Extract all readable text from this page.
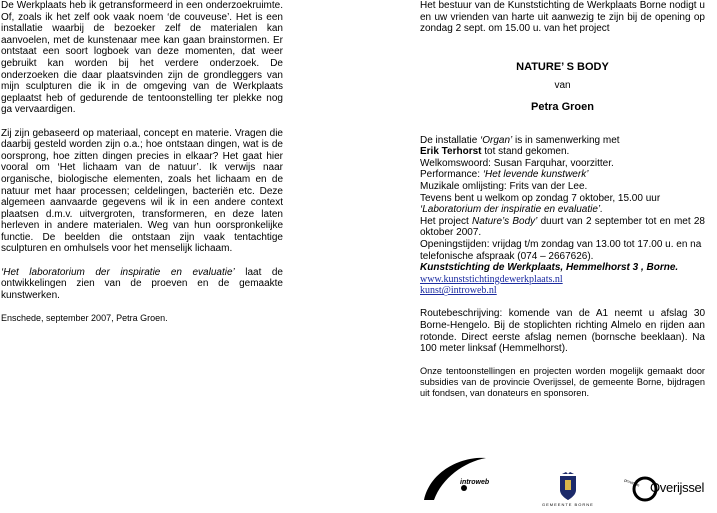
De Werkplaats heb ik getransformeerd in een onderzoekruimte. Of, zoals ik het zelf ook vaak noem ‘de couveuse’. Het is een installatie waarbij de bezoeker zelf de materialen kan aanvoelen, met de kunstenaar mee kan gaan brainstormen. Er ontstaat een soort logboek van deze momenten, dat weer gebruikt kan worden bij het verdere onderzoek. De onderzoeken die daar plaatsvinden zijn de grondleggers van mijn sculpturen die ik in de omgeving van de Werkplaats geplaatst heb of gedurende de tentoonstelling ter plekke nog ga vervaardigen.

Zij zijn gebaseerd op materiaal, concept en materie. Vragen die daarbij gesteld worden zijn o.a.; hoe ontstaan dingen, wat is de oorsprong, hoe zitten dingen precies in elkaar? Het gaat hier vooral om ‘Het lichaam van de natuur’. Ik verwijs naar organische, biologische elementen, zoals het lichaam en de natuur met haar processen; celdelingen, bacteriën etc. Deze algemeen aanvaarde gegevens wil ik in een andere context plaatsen d.m.v. uitvergroten, transformeren, en deze laten herleven in andere materialen. Weg van hun oorspronkelijke functie. De beelden die ontstaan zijn vaak tentachtige sculpturen en omhulsels voor het menselijk lichaam.

‘Het laboratorium der inspiratie en evaluatie’ laat de ontwikkelingen zien van de proeven en de gemaakte kunstwerken.

Enschede, september 2007, Petra Groen.

Het bestuur van de Kunststichting de Werkplaats Borne nodigt u en uw vrienden van harte uit aanwezig te zijn bij de opening op zondag 2 sept. om 15.00 u. van het project

NATURE’ S BODY

van

Petra Groen

De installatie ‘Organ’ is in samenwerking met

Erik Terhorst tot stand gekomen.

Welkomswoord: Susan Farquhar, voorzitter.

Performance: ‘Het levende kunstwerk’

Muzikale omlijsting: Frits van der Lee.

Tevens bent u welkom op zondag 7 oktober, 15.00 uur

‘Laboratorium der inspiratie en evaluatie’.

Het project Nature’s Body’ duurt van 2 september tot en met 28 oktober 2007.

Openingstijden: vrijdag t/m zondag van 13.00 tot 17.00 u. en na telefonische afspraak (074 – 2667626).

Kunststichting de Werkplaats, Hemmelhorst 3 , Borne.

www.kunststichtingdewerkplaats.nl

kunst@introweb.nl

Routebeschrijving: komende van de A1 neemt u afslag 30 Borne-Hengelo. Bij de stoplichten richting Almelo en rijden aan rotonde. Direct eerste afslag nemen (bornsche beeklaan). Na 100 meter linksaf (Hemmelhorst).

Onze tentoonstellingen en projecten worden mogelijk gemaakt door subsidies van de provincie Overijssel, de gemeente Borne, bijdragen uit fondsen, van donateurs en sponsoren.

introweb
GEMEENTE BORNE
provincie Overijssel
